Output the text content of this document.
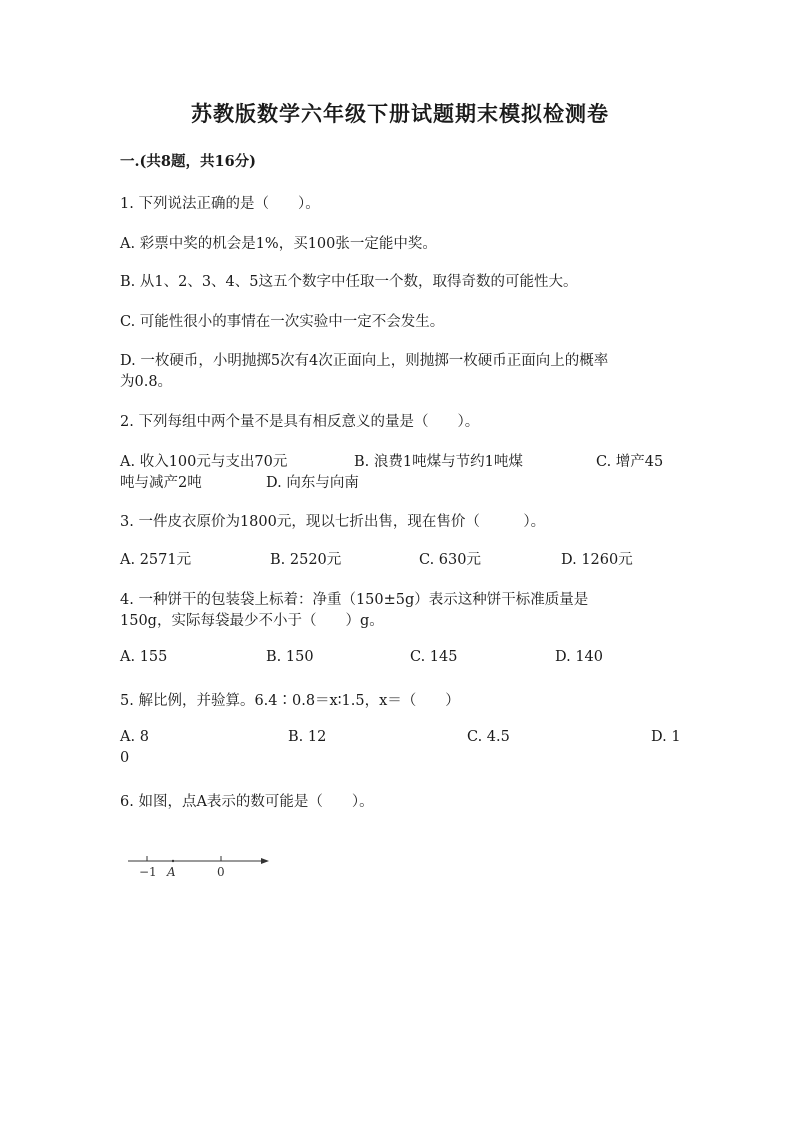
苏教版数学六年级下册试题期末模拟检测卷
一.(共8题，共16分)
1. 下列说法正确的是（　　）。
A. 彩票中奖的机会是1%，买100张一定能中奖。
B. 从1、2、3、4、5这五个数字中任取一个数，取得奇数的可能性大。
C. 可能性很小的事情在一次实验中一定不会发生。
D. 一枚硬币，小明抛掷5次有4次正面向上，则抛掷一枚硬币正面向上的概率
为0.8。
2. 下列每组中两个量不是具有相反意义的量是（　　）。
A. 收入100元与支出70元	B. 浪费1吨煤与节约1吨煤	C. 增产45
吨与减产2吨	D. 向东与向南
3. 一件皮衣原价为1800元，现以七折出售，现在售价（　　　）。
A. 2571元	B. 2520元	C. 630元	D. 1260元
4. 一种饼干的包装袋上标着：净重（150±5g）表示这种饼干标准质量是
150g，实际每袋最少不小于（　　）g。
A. 155	B. 150	C. 145	D. 140
5. 解比例，并验算。6.4∶0.8＝x∶1.5，x＝（　　）
A. 8	B. 12	C. 4.5	D. 1
0
6. 如图，点A表示的数可能是（　　）。
−1 A	0
